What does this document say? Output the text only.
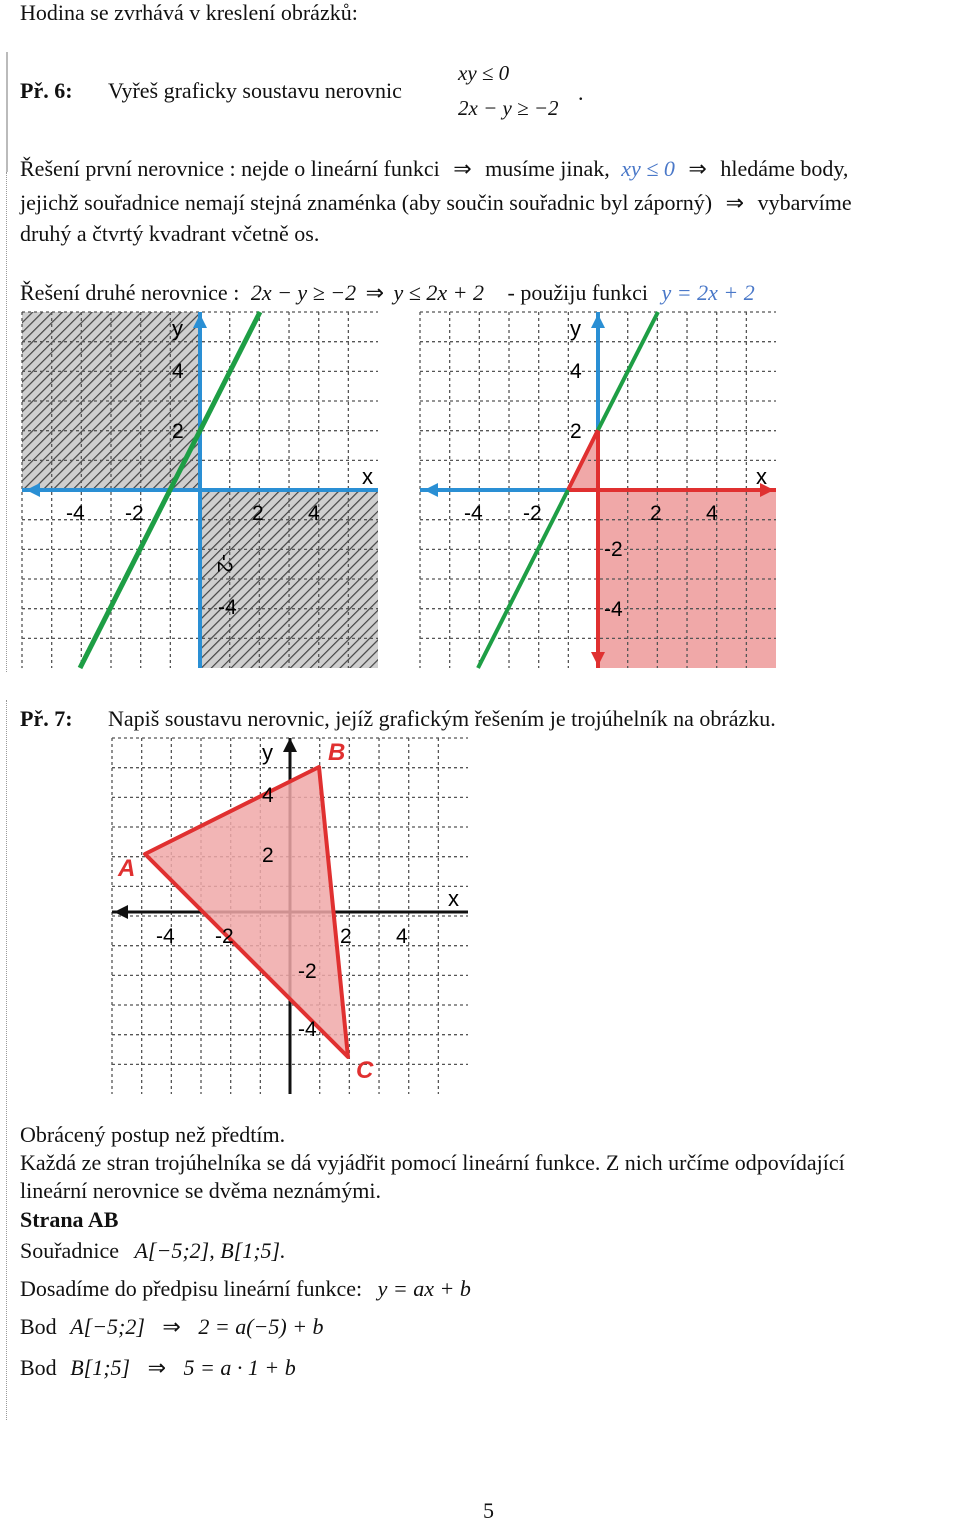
Hodina se zvrhává v kreslení obrázků:
Př. 6: Vyřeš graficky soustavu nerovnic
xy ≤ 0
2x − y ≥ −2
.
Řešení první nerovnice : nejde o lineární funkci ⇒ musíme jinak, xy ≤ 0 ⇒ hledáme body,
jejichž souřadnice nemají stejná znaménka (aby součin souřadnic byl záporný) ⇒ vybarvíme
druhý a čtvrtý kvadrant včetně os.
Řešení druhé nerovnice : 2x − y ≥ −2 ⇒ y ≤ 2x + 2 - použiju funkci y = 2x + 2
y
x
-4 -2	2 4
4
2
-2
-4
y
x
-4 -2	2 4
4
2
-2
-4
Př. 7: Napiš soustavu nerovnic, jejíž grafickým řešením je trojúhelník na obrázku.
y
x
-4 -2	2 4
4
2
-2
-4
A
B
C
Obrácený postup než předtím.
Každá ze stran trojúhelníka se dá vyjádřit pomocí lineární funkce. Z nich určíme odpovídající
lineární nerovnice se dvěma neznámými.
Strana AB
Souřadnice A[−5;2], B[1;5].
Dosadíme do předpisu lineární funkce: y = ax + b
Bod A[−5;2] ⇒ 2 = a(−5) + b
Bod B[1;5] ⇒ 5 = a · 1 + b
5
